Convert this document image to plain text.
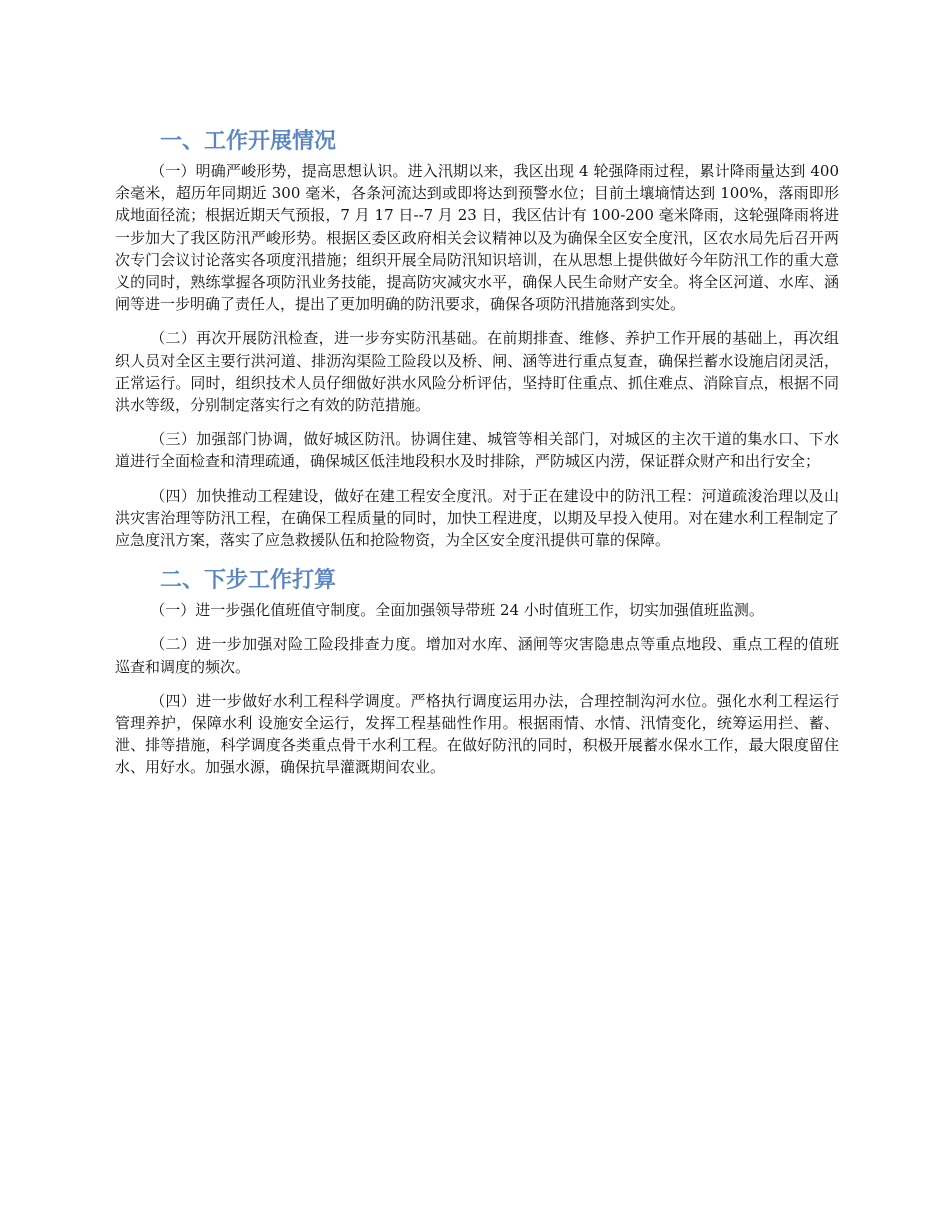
一、工作开展情况

（一）明确严峻形势，提高思想认识。进入汛期以来，我区出现 4 轮强降雨过程，累计降雨量达到 400 余毫米，超历年同期近 300 毫米，各条河流达到或即将达到预警水位；目前土壤墒情达到 100%，落雨即形成地面径流；根据近期天气预报，7 月 17 日--7 月 23 日，我区估计有 100-200 毫米降雨，这轮强降雨将进一步加大了我区防汛严峻形势。根据区委区政府相关会议精神以及为确保全区安全度汛，区农水局先后召开两次专门会议讨论落实各项度汛措施；组织开展全局防汛知识培训，在从思想上提供做好今年防汛工作的重大意义的同时，熟练掌握各项防汛业务技能，提高防灾减灾水平，确保人民生命财产安全。将全区河道、水库、涵闸等进一步明确了责任人，提出了更加明确的防汛要求，确保各项防汛措施落到实处。

（二）再次开展防汛检查，进一步夯实防汛基础。在前期排查、维修、养护工作开展的基础上，再次组织人员对全区主要行洪河道、排沥沟渠险工险段以及桥、闸、涵等进行重点复查，确保拦蓄水设施启闭灵活，正常运行。同时，组织技术人员仔细做好洪水风险分析评估，坚持盯住重点、抓住难点、消除盲点，根据不同洪水等级，分别制定落实行之有效的防范措施。

（三）加强部门协调，做好城区防汛。协调住建、城管等相关部门，对城区的主次干道的集水口、下水道进行全面检查和清理疏通，确保城区低洼地段积水及时排除，严防城区内涝，保证群众财产和出行安全；

（四）加快推动工程建设，做好在建工程安全度汛。对于正在建设中的防汛工程：河道疏浚治理以及山洪灾害治理等防汛工程，在确保工程质量的同时，加快工程进度，以期及早投入使用。对在建水利工程制定了应急度汛方案，落实了应急救援队伍和抢险物资，为全区安全度汛提供可靠的保障。

二、下步工作打算

（一）进一步强化值班值守制度。全面加强领导带班 24 小时值班工作，切实加强值班监测。

（二）进一步加强对险工险段排查力度。增加对水库、涵闸等灾害隐患点等重点地段、重点工程的值班巡查和调度的频次。

（四）进一步做好水利工程科学调度。严格执行调度运用办法，合理控制沟河水位。强化水利工程运行管理养护，保障水利 设施安全运行，发挥工程基础性作用。根据雨情、水情、汛情变化，统筹运用拦、蓄、泄、排等措施，科学调度各类重点骨干水利工程。在做好防汛的同时，积极开展蓄水保水工作，最大限度留住水、用好水。加强水源，确保抗旱灌溉期间农业。
